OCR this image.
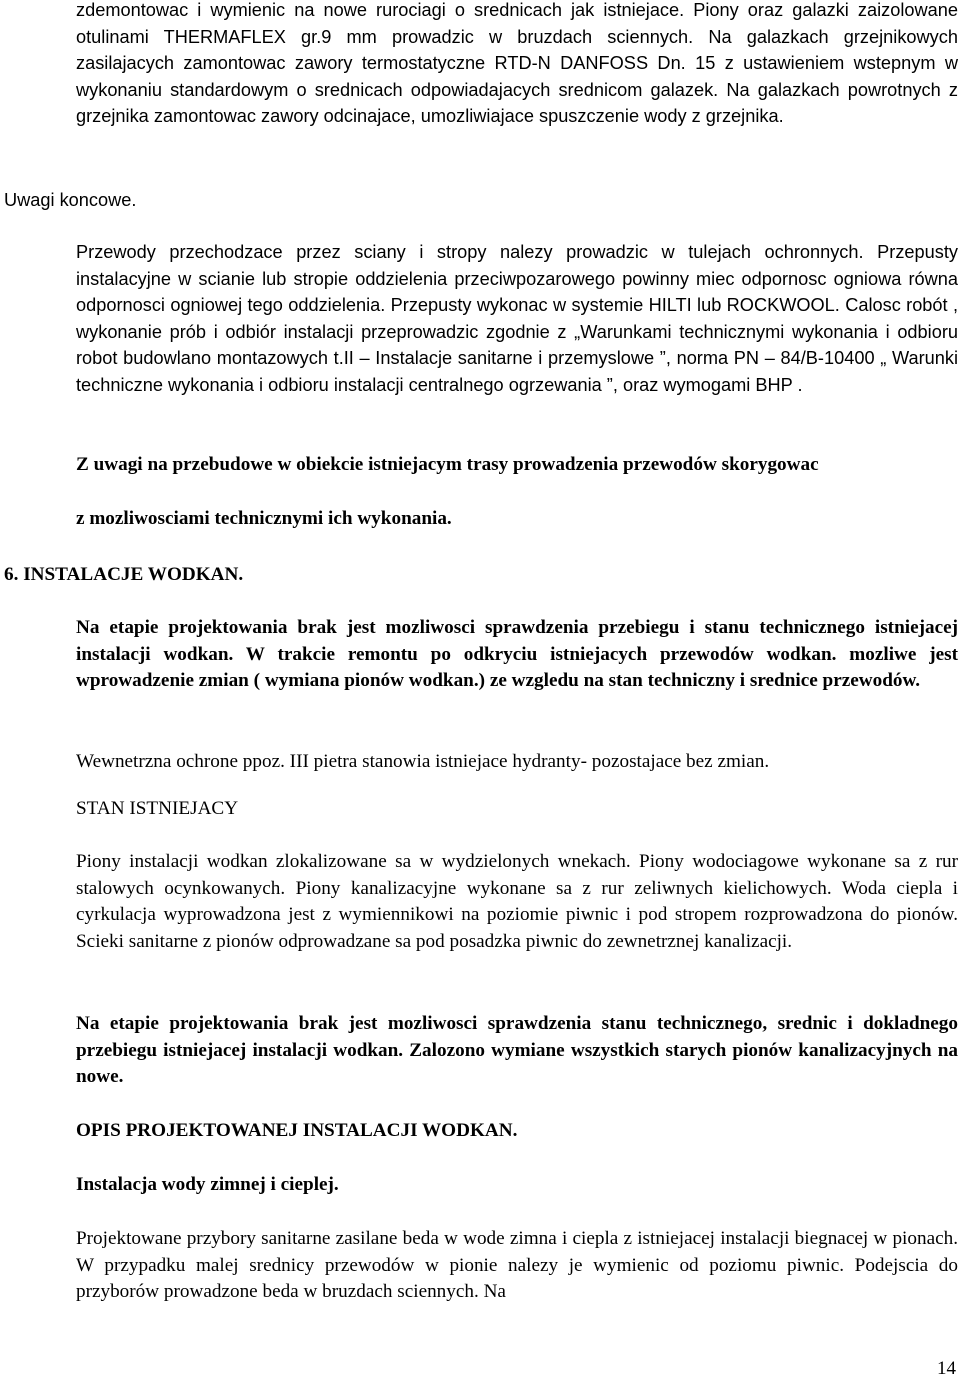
zdemontowac i wymienic na nowe rurociagi o srednicach jak istniejace. Piony oraz galazki zaizolowane otulinami THERMAFLEX gr.9 mm prowadzic w bruzdach sciennych. Na galazkach grzejnikowych zasilajacych zamontowac zawory termostatyczne RTD-N DANFOSS Dn. 15 z ustawieniem wstepnym w wykonaniu standardowym o srednicach odpowiadajacych srednicom galazek. Na galazkach powrotnych z grzejnika zamontowac zawory odcinajace, umozliwiajace spuszczenie wody z grzejnika.

Uwagi koncowe.

Przewody przechodzace przez sciany i stropy nalezy prowadzic w tulejach ochronnych. Przepusty instalacyjne w scianie lub stropie oddzielenia przeciwpozarowego powinny miec odpornosc ogniowa równa odpornosci ogniowej tego oddzielenia. Przepusty wykonac w systemie HILTI lub ROCKWOOL. Calosc robót , wykonanie prób i odbiór instalacji przeprowadzic zgodnie z „Warunkami technicznymi wykonania i odbioru robot budowlano montazowych t.II – Instalacje sanitarne i przemyslowe ”, norma PN – 84/B-10400 „ Warunki techniczne wykonania i odbioru instalacji centralnego ogrzewania ”, oraz wymogami BHP .

Z uwagi na przebudowe w obiekcie istniejacym trasy prowadzenia przewodów skorygowac

z mozliwosciami technicznymi ich wykonania.

6. INSTALACJE WODKAN.

Na etapie projektowania brak jest mozliwosci sprawdzenia przebiegu i stanu technicznego istniejacej instalacji wodkan. W trakcie remontu po odkryciu istniejacych przewodów wodkan. mozliwe jest wprowadzenie zmian ( wymiana pionów wodkan.) ze wzgledu na stan techniczny i srednice przewodów.

Wewnetrzna ochrone ppoz. III pietra stanowia istniejace hydranty- pozostajace bez zmian.

STAN ISTNIEJACY

Piony instalacji wodkan zlokalizowane sa w wydzielonych wnekach. Piony wodociagowe wykonane sa z rur stalowych ocynkowanych. Piony kanalizacyjne wykonane sa z rur zeliwnych kielichowych. Woda ciepla i cyrkulacja wyprowadzona jest z wymiennikowi na poziomie piwnic i pod stropem rozprowadzona do pionów. Scieki sanitarne z pionów odprowadzane sa pod posadzka piwnic do zewnetrznej kanalizacji.

Na etapie projektowania brak jest mozliwosci sprawdzenia stanu technicznego, srednic i dokladnego przebiegu istniejacej instalacji wodkan. Zalozono wymiane wszystkich starych pionów kanalizacyjnych na nowe.

OPIS PROJEKTOWANEJ INSTALACJI WODKAN.

Instalacja wody zimnej i cieplej.

Projektowane przybory sanitarne zasilane beda w wode zimna i ciepla z istniejacej instalacji biegnacej w pionach. W przypadku malej srednicy przewodów w pionie nalezy je wymienic od poziomu piwnic. Podejscia do przyborów prowadzone beda w bruzdach sciennych. Na

14
